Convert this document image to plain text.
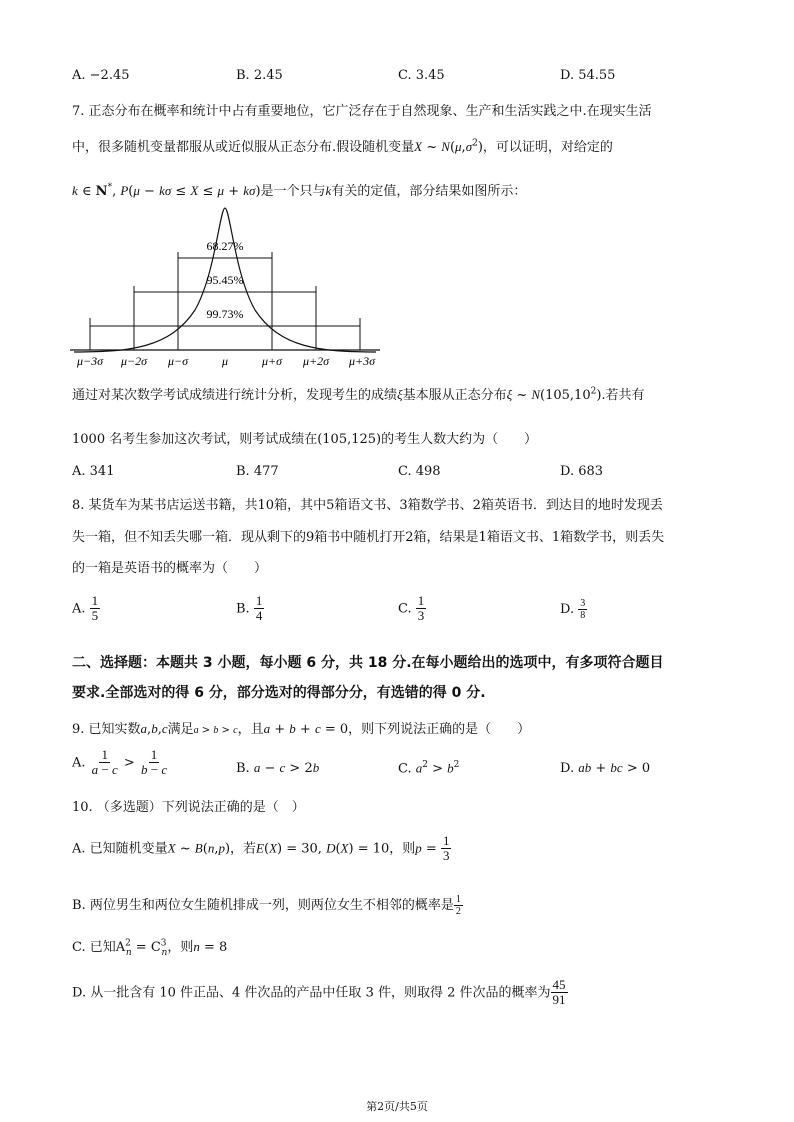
A. −2.45	B. 2.45	C. 3.45	D. 54.55
7. 正态分布在概率和统计中占有重要地位，它广泛存在于自然现象、生产和生活实践之中.在现实生活
中，很多随机变量都服从或近似服从正态分布.假设随机变量X ~ $N(\mu,\sigma^2)$，可以证明，对给定的
k ∈ N*, P(μ − kσ ≤ X ≤ μ + kσ)是一个只与k有关的定值，部分结果如图所示：
68.27%
95.45%
99.73%
μ−3σ μ−2σ μ−σ	μ	μ+σ μ+2σ μ+3σ
通过对某次数学考试成绩进行统计分析，发现考生的成绩ξ基本服从正态分布ξ ~ N(105,10$^2$).若共有
1000 名考生参加这次考试，则考试成绩在(105,125)的考生人数大约为（　　）
A. 341	B. 477	C. 498	D. 683
8. 某货车为某书店运送书籍，共10箱，其中5箱语文书、3箱数学书、2箱英语书．到达目的地时发现丢
失一箱，但不知丢失哪一箱．现从剩下的9箱书中随机打开2箱，结果是1箱语文书、1箱数学书，则丢失
的一箱是英语书的概率为（　　）
A. $\frac{1}{5}$	B. $\frac{1}{4}$	C. $\frac{1}{3}$	D. $\frac{3}{8}$
二、选择题：本题共 3 小题，每小题 6 分，共 18 分.在每小题给出的选项中，有多项符合题目
要求.全部选对的得 6 分，部分选对的得部分分，有选错的得 0 分.
9. 已知实数a,b,c满足a > b > c，且a + b + c = 0，则下列说法正确的是（　　）
A. $\frac{1}{a - c} > \frac{1}{b - c}$	B. a − c > 2b	C. $a^2 > b^2$	D. ab + bc > 0
10. （多选题）下列说法正确的是（　）
A. 已知随机变量X ~ B(n,p)，若E(X) = 30, D(X) = 10，则$p = \frac{1}{3}$
B. 两位男生和两位女生随机排成一列，则两位女生不相邻的概率是 $\frac{1}{2}$
C. 已知$A^2_n = C^3_n$，则n = 8
D. 从一批含有 10 件正品、4 件次品的产品中任取 3 件，则取得 2 件次品的概率为 $\frac{45}{91}$
第2页/共5页
